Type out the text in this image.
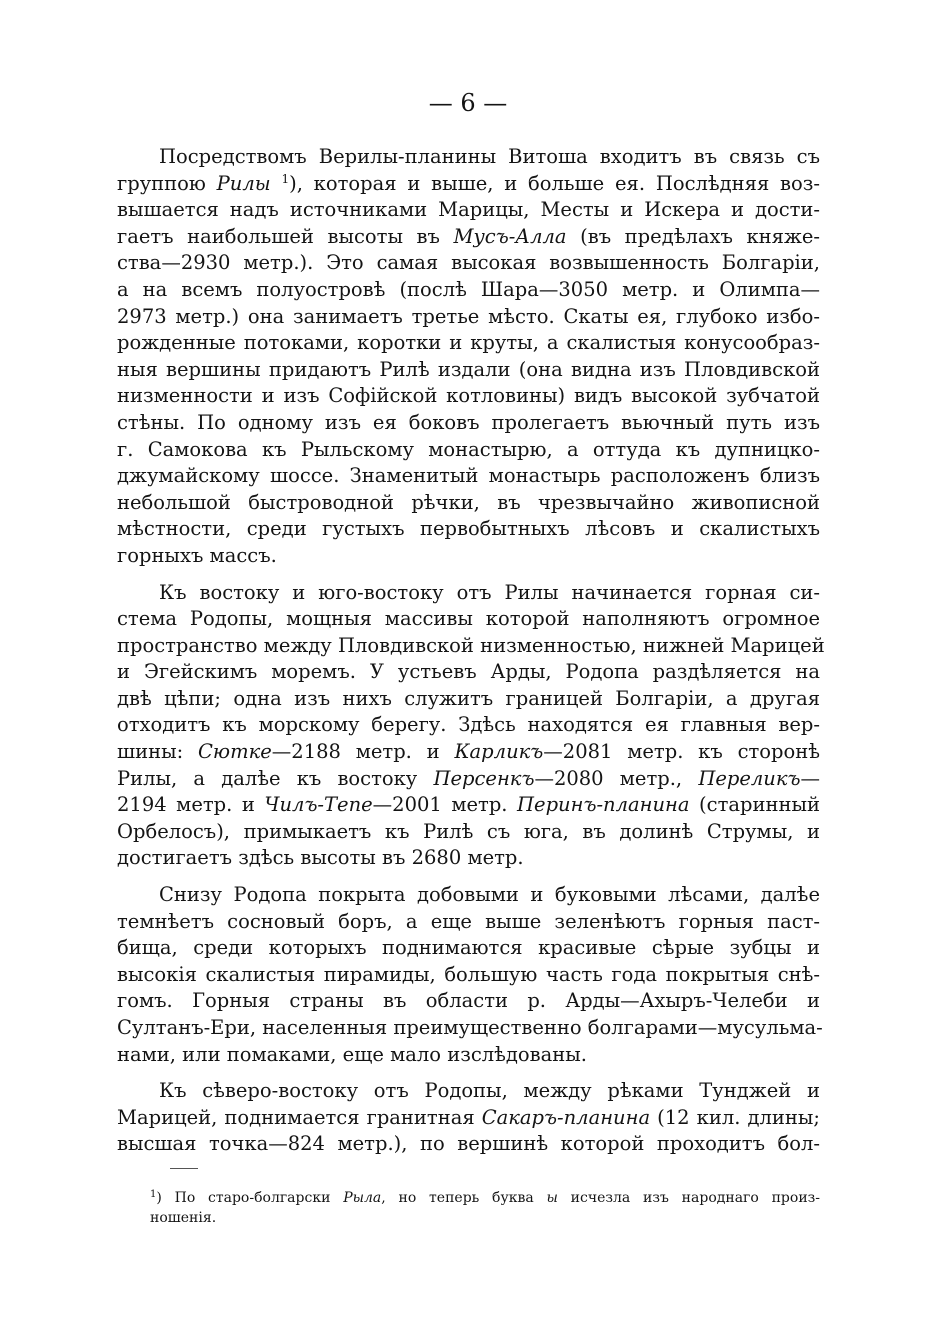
— 6 —
Посредствомъ Верилы-планины Витоша входитъ въ связь съ
группою Рилы $^1$), которая и выше, и больше ея. Послѣдняя воз-
вышается надъ источниками Марицы, Месты и Искера и дости-
гаетъ наибольшей высоты въ Мусъ-Алла (въ предѣлахъ княже-
ства—2930 метр.). Это самая высокая возвышенность Болгаріи,
а на всемъ полуостровѣ (послѣ Шара—3050 метр. и Олимпа—
2973 метр.) она занимаетъ третье мѣсто. Скаты ея, глубоко избо-
рожденные потоками, коротки и круты, а скалистыя конусообраз-
ныя вершины придаютъ Рилѣ издали (она видна изъ Пловдивской
низменности и изъ Софійской котловины) видъ высокой зубчатой
стѣны. По одному изъ ея боковъ пролегаетъ вьючный путь изъ
г. Самокова къ Рыльскому монастырю, а оттуда къ дупницко-
джумайскому шоссе. Знаменитый монастырь расположенъ близъ
небольшой быстроводной рѣчки, въ чрезвычайно живописной
мѣстности, среди густыхъ первобытныхъ лѣсовъ и скалистыхъ
горныхъ массъ.
Къ востоку и юго-востоку отъ Рилы начинается горная си-
стема Родопы, мощныя массивы которой наполняютъ огромное
пространство между Пловдивской низменностью, нижней Марицей
и Эгейскимъ моремъ. У устьевъ Арды, Родопа раздѣляется на
двѣ цѣпи; одна изъ нихъ служитъ границей Болгаріи, а другая
отходитъ къ морскому берегу. Здѣсь находятся ея главныя вер-
шины: Сютке—2188 метр. и Карликъ—2081 метр. къ сторонѣ
Рилы, а далѣе къ востоку Персенкъ—2080 метр., Переликъ—
2194 метр. и Чилъ-Тепе—2001 метр. Перинъ-планина (старинный
Орбелосъ), примыкаетъ къ Рилѣ съ юга, въ долинѣ Струмы, и
достигаетъ здѣсь высоты въ 2680 метр.
Снизу Родопа покрыта добовыми и буковыми лѣсами, далѣе
темнѣетъ сосновый боръ, а еще выше зеленѣютъ горныя паст-
бища, среди которыхъ поднимаются красивые сѣрые зубцы и
высокія скалистыя пирамиды, большую часть года покрытыя снѣ-
гомъ. Горныя страны въ области р. Арды—Ахыръ-Челеби и
Султанъ-Ери, населенныя преимущественно болгарами—мусульма-
нами, или помаками, еще мало изслѣдованы.
Къ сѣверо-востоку отъ Родопы, между рѣками Тунджей и
Марицей, поднимается гранитная Сакаръ-планина (12 кил. длины;
высшая точка—824 метр.), по вершинѣ которой проходитъ бол-
$^1$) По старо-болгарски Рыла, но теперь буква ы исчезла изъ народнаго произ-
ношенія.
